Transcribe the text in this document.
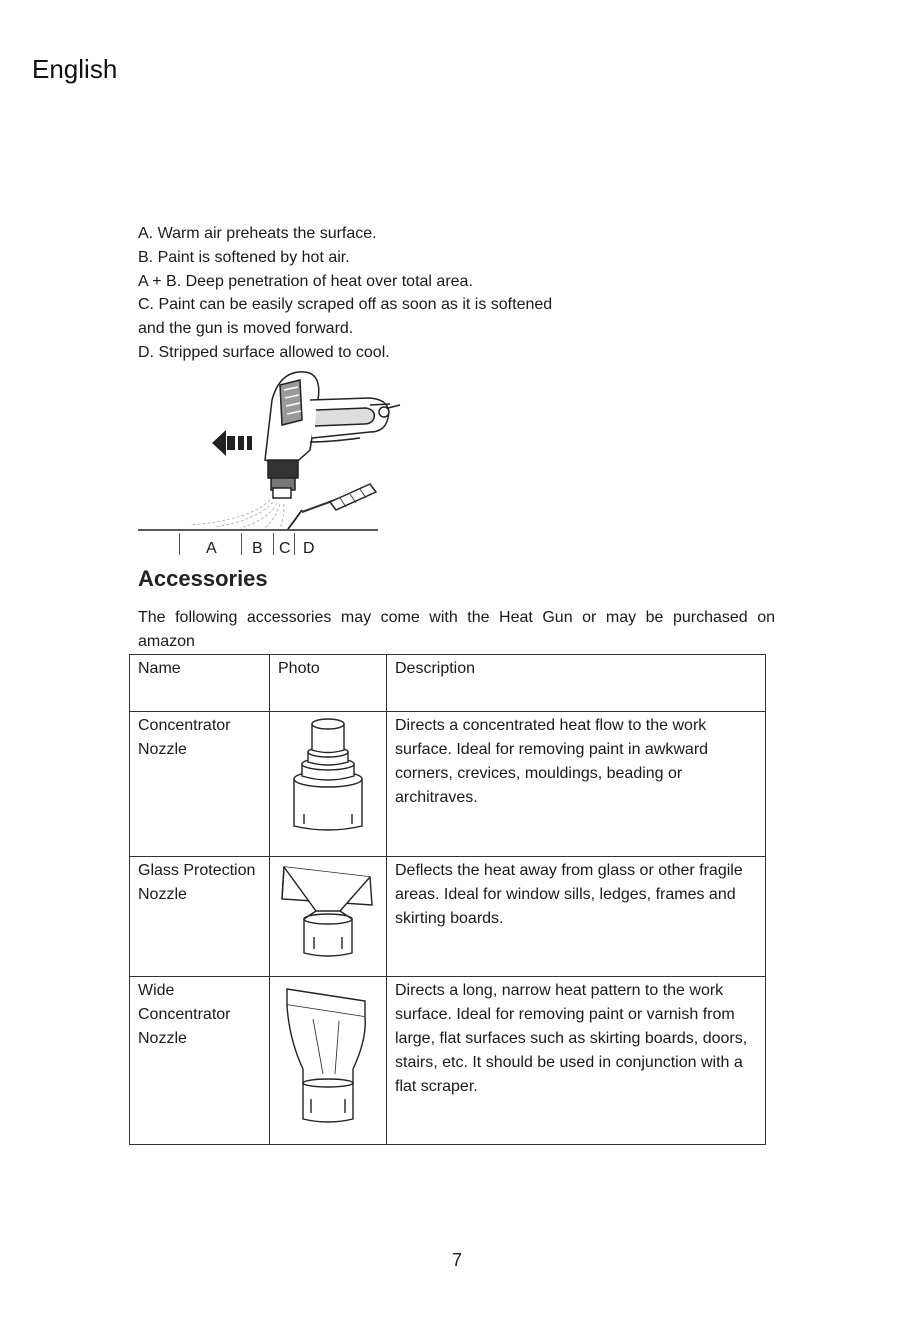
English
A. Warm air preheats the surface.
B. Paint is softened by hot air.
A + B. Deep penetration of heat over total area.
C. Paint can be easily scraped off as soon as it is softened
and the gun is moved forward.
D. Stripped surface allowed to cool.
A B C D
Accessories
The following accessories may come with the Heat Gun or may be purchased on
amazon
Name	Photo	Description
Concentrator Nozzle		Directs a concentrated heat flow to the work surface. Ideal for removing paint in awkward corners, crevices, mouldings, beading or architraves.
Glass Protection Nozzle		Deflects the heat away from glass or other fragile areas. Ideal for window sills, ledges, frames and skirting boards.
Wide Concentrator Nozzle		Directs a long, narrow heat pattern to the work surface. Ideal for removing paint or varnish from large, flat surfaces such as skirting boards, doors, stairs, etc. It should be used in conjunction with a flat scraper.
7
